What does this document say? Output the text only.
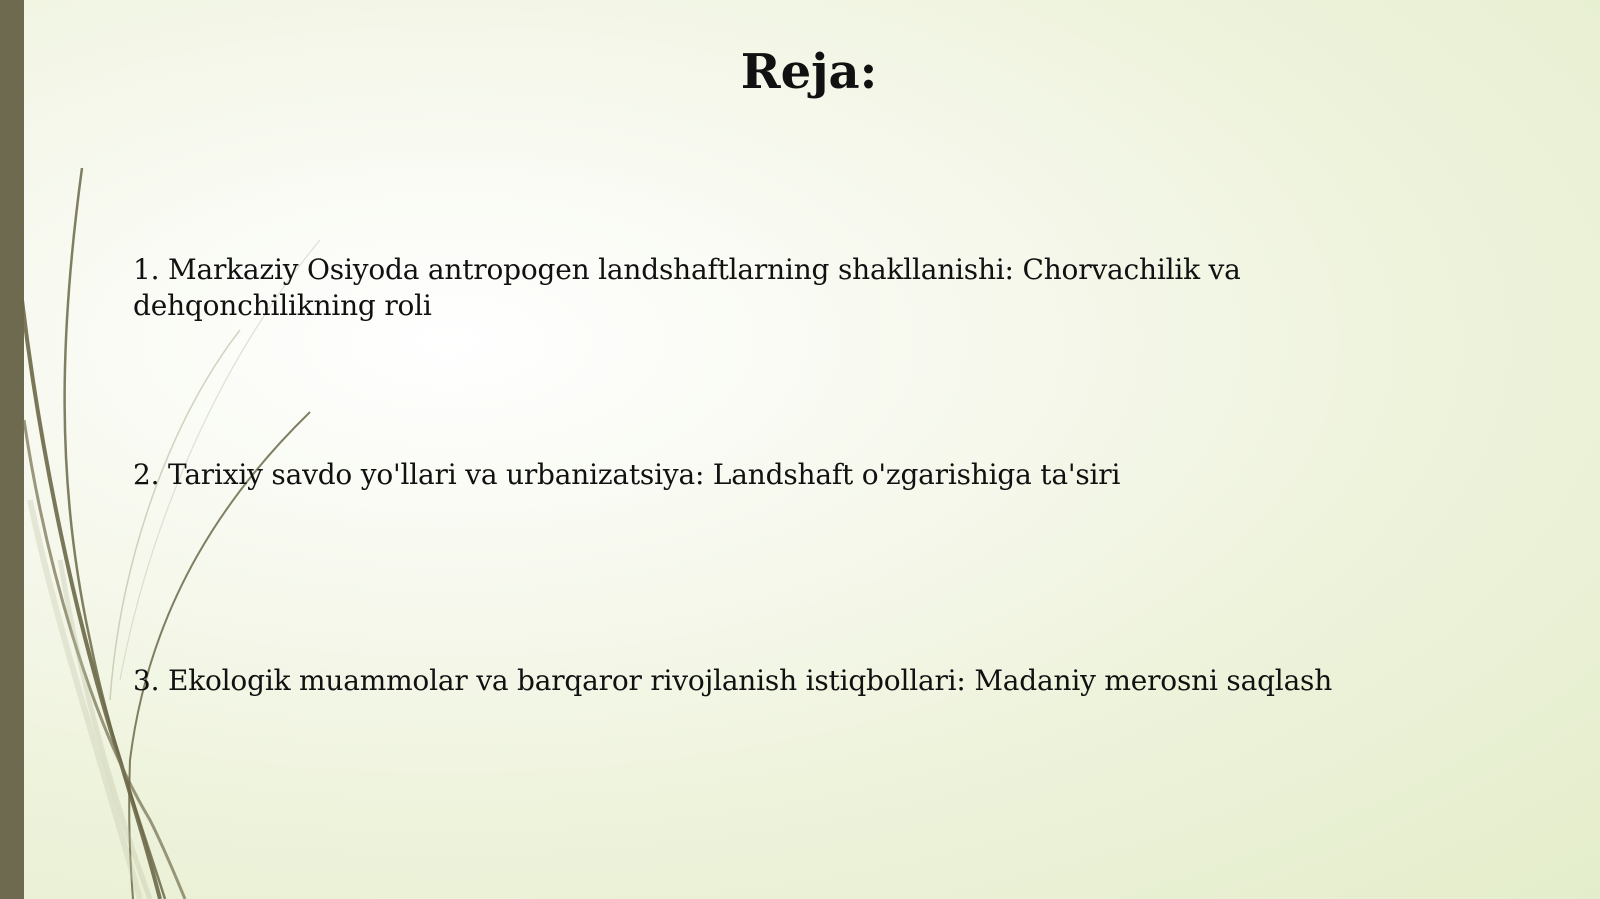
Reja:

1. Markaziy Osiyoda antropogen landshaftlarning shakllanishi: Chorvachilik va dehqonchilikning roli

2. Tarixiy savdo yo'llari va urbanizatsiya: Landshaft o'zgarishiga ta'siri

3. Ekologik muammolar va barqaror rivojlanish istiqbollari: Madaniy merosni saqlash
